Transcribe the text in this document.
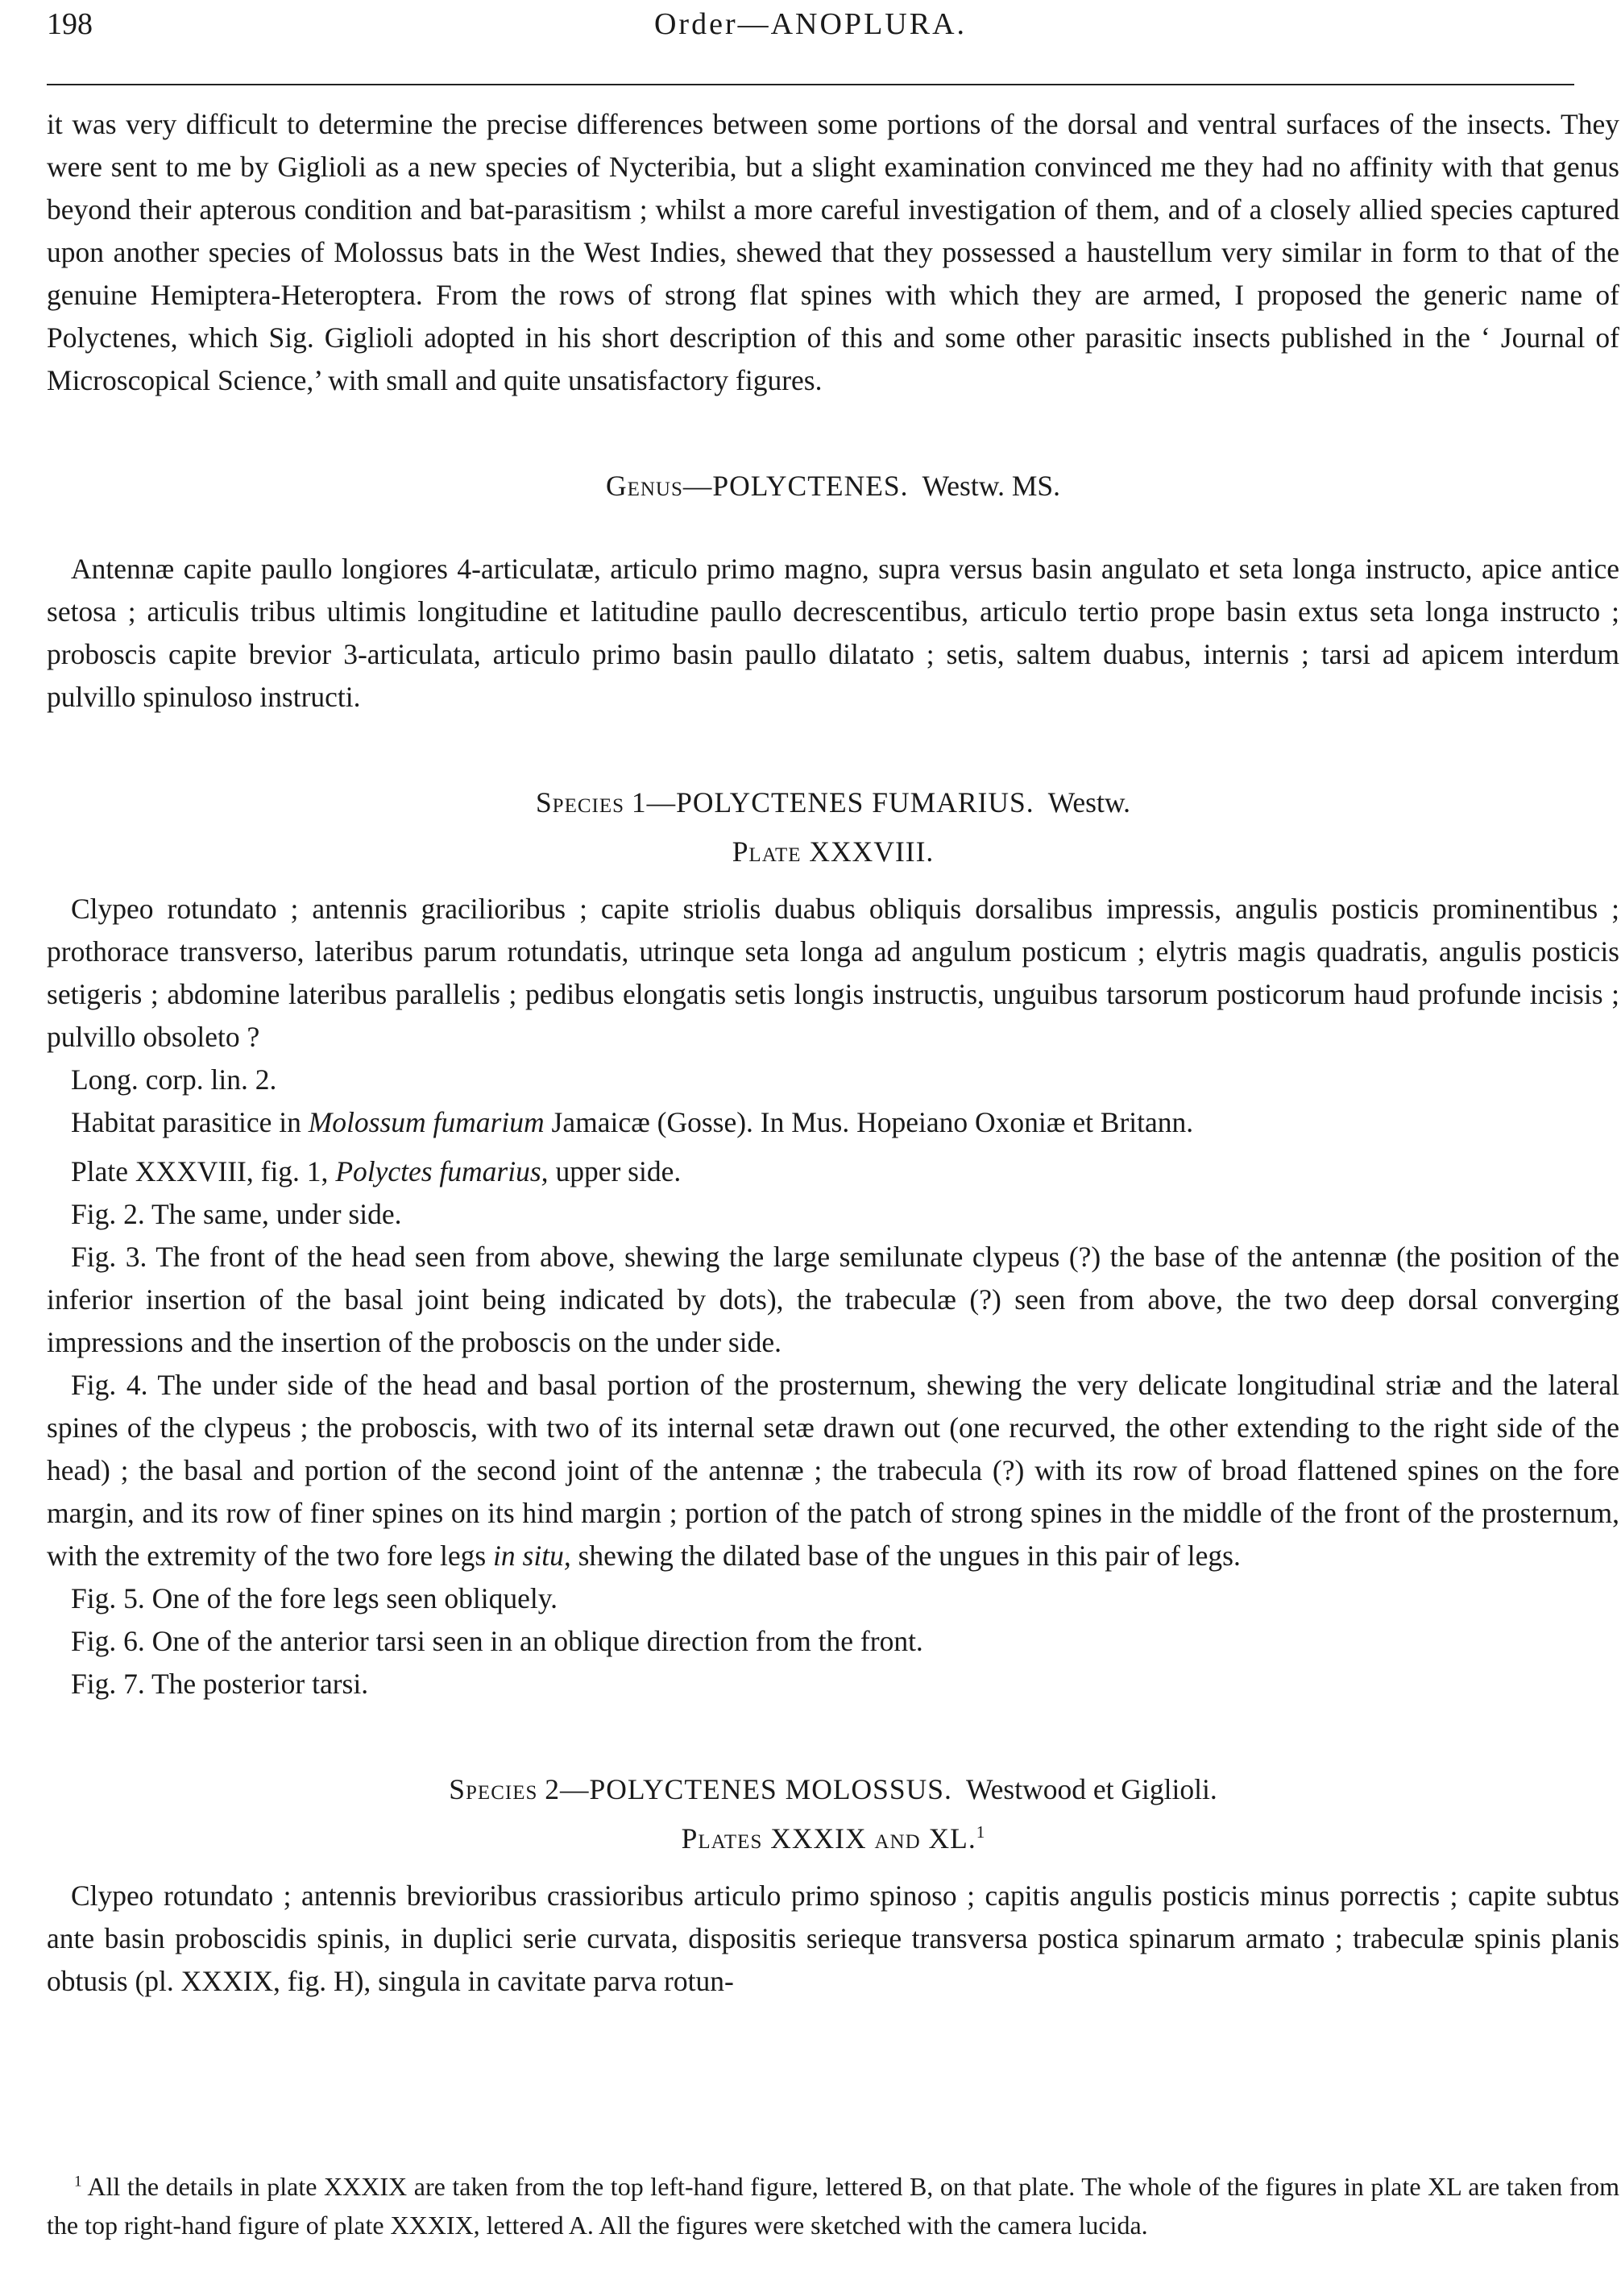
198	Order—ANOPLURA.

it was very difficult to determine the precise differences between some portions of the dorsal and ventral surfaces of the insects. They were sent to me by Giglioli as a new species of Nycteribia, but a slight examination convinced me they had no affinity with that genus beyond their apterous condition and bat-parasitism ; whilst a more careful investigation of them, and of a closely allied species captured upon another species of Molossus bats in the West Indies, shewed that they possessed a haustellum very similar in form to that of the genuine Hemiptera-Heteroptera. From the rows of strong flat spines with which they are armed, I proposed the generic name of Polyctenes, which Sig. Giglioli adopted in his short description of this and some other parasitic insects published in the ‘ Journal of Microscopical Science,’ with small and quite unsatisfactory figures.

Genus—POLYCTENES. Westw. MS.

Antennæ capite paullo longiores 4-articulatæ, articulo primo magno, supra versus basin angulato et seta longa instructo, apice antice setosa ; articulis tribus ultimis longitudine et latitudine paullo decrescentibus, articulo tertio prope basin extus seta longa instructo ; proboscis capite brevior 3-articulata, articulo primo basin paullo dilatato ; setis, saltem duabus, internis ; tarsi ad apicem interdum pulvillo spinuloso instructi.

Species 1—POLYCTENES FUMARIUS. Westw.

Plate XXXVIII.

Clypeo rotundato ; antennis gracilioribus ; capite striolis duabus obliquis dorsalibus impressis, angulis posticis prominentibus ; prothorace transverso, lateribus parum rotundatis, utrinque seta longa ad angulum posticum ; elytris magis quadratis, angulis posticis setigeris ; abdomine lateribus parallelis ; pedibus elongatis setis longis instructis, unguibus tarsorum posticorum haud profunde incisis ; pulvillo obsoleto ?

Long. corp. lin. 2.

Habitat parasitice in Molossum fumarium Jamaicæ (Gosse). In Mus. Hopeiano Oxoniæ et Britann.

Plate XXXVIII, fig. 1, Polyctes fumarius, upper side.

Fig. 2. The same, under side.

Fig. 3. The front of the head seen from above, shewing the large semilunate clypeus (?) the base of the antennæ (the position of the inferior insertion of the basal joint being indicated by dots), the trabeculæ (?) seen from above, the two deep dorsal converging impressions and the insertion of the proboscis on the under side.

Fig. 4. The under side of the head and basal portion of the prosternum, shewing the very delicate longitudinal striæ and the lateral spines of the clypeus ; the proboscis, with two of its internal setæ drawn out (one recurved, the other extending to the right side of the head) ; the basal and portion of the second joint of the antennæ ; the trabecula (?) with its row of broad flattened spines on the fore margin, and its row of finer spines on its hind margin ; portion of the patch of strong spines in the middle of the front of the prosternum, with the extremity of the two fore legs in situ, shewing the dilated base of the ungues in this pair of legs.

Fig. 5. One of the fore legs seen obliquely.

Fig. 6. One of the anterior tarsi seen in an oblique direction from the front.

Fig. 7. The posterior tarsi.

Species 2—POLYCTENES MOLOSSUS. Westwood et Giglioli.

Plates XXXIX and XL.$^1$

Clypeo rotundato ; antennis brevioribus crassioribus articulo primo spinoso ; capitis angulis posticis minus porrectis ; capite subtus ante basin proboscidis spinis, in duplici serie curvata, dispositis serieque transversa postica spinarum armato ; trabeculæ spinis planis obtusis (pl. XXXIX, fig. H), singula in cavitate parva rotun-

$^1$ All the details in plate XXXIX are taken from the top left-hand figure, lettered B, on that plate. The whole of the figures in plate XL are taken from the top right-hand figure of plate XXXIX, lettered A. All the figures were sketched with the camera lucida.
